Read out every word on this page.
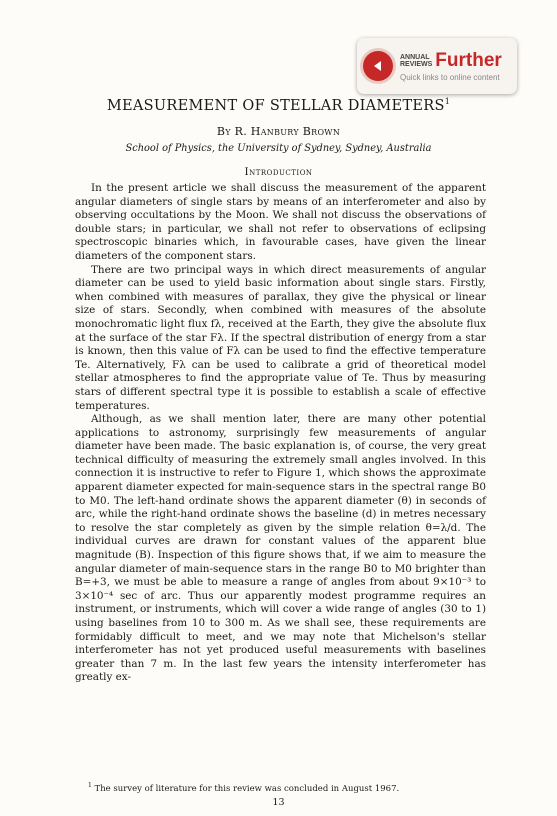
ANNUAL
REVIEWS Further
Quick links to online content
MEASUREMENT OF STELLAR DIAMETERS$^1$
By R. Hanbury Brown
School of Physics, the University of Sydney, Sydney, Australia
Introduction

In the present article we shall discuss the measurement of the apparent angular diameters of single stars by means of an interferometer and also by observing occultations by the Moon. We shall not discuss the observations of double stars; in particular, we shall not refer to observations of eclipsing spectroscopic binaries which, in favourable cases, have given the linear diameters of the component stars.

There are two principal ways in which direct measurements of angular diameter can be used to yield basic information about single stars. Firstly, when combined with measures of parallax, they give the physical or linear size of stars. Secondly, when combined with measures of the absolute monochromatic light flux fλ, received at the Earth, they give the absolute flux at the surface of the star Fλ. If the spectral distribution of energy from a star is known, then this value of Fλ can be used to find the effective temperature Te. Alternatively, Fλ can be used to calibrate a grid of theoretical model stellar atmospheres to find the appropriate value of Te. Thus by measuring stars of different spectral type it is possible to establish a scale of effective temperatures.

Although, as we shall mention later, there are many other potential applications to astronomy, surprisingly few measurements of angular diameter have been made. The basic explanation is, of course, the very great technical difficulty of measuring the extremely small angles involved. In this connection it is instructive to refer to Figure 1, which shows the approximate apparent diameter expected for main-sequence stars in the spectral range B0 to M0. The left-hand ordinate shows the apparent diameter (θ) in seconds of arc, while the right-hand ordinate shows the baseline (d) in metres necessary to resolve the star completely as given by the simple relation θ=λ/d. The individual curves are drawn for constant values of the apparent blue magnitude (B). Inspection of this figure shows that, if we aim to measure the angular diameter of main-sequence stars in the range B0 to M0 brighter than B=+3, we must be able to measure a range of angles from about 9×10⁻³ to 3×10⁻⁴ sec of arc. Thus our apparently modest programme requires an instrument, or instruments, which will cover a wide range of angles (30 to 1) using baselines from 10 to 300 m. As we shall see, these requirements are formidably difficult to meet, and we may note that Michelson's stellar interferometer has not yet produced useful measurements with baselines greater than 7 m. In the last few years the intensity interferometer has greatly ex-

$^1$ The survey of literature for this review was concluded in August 1967.
13
